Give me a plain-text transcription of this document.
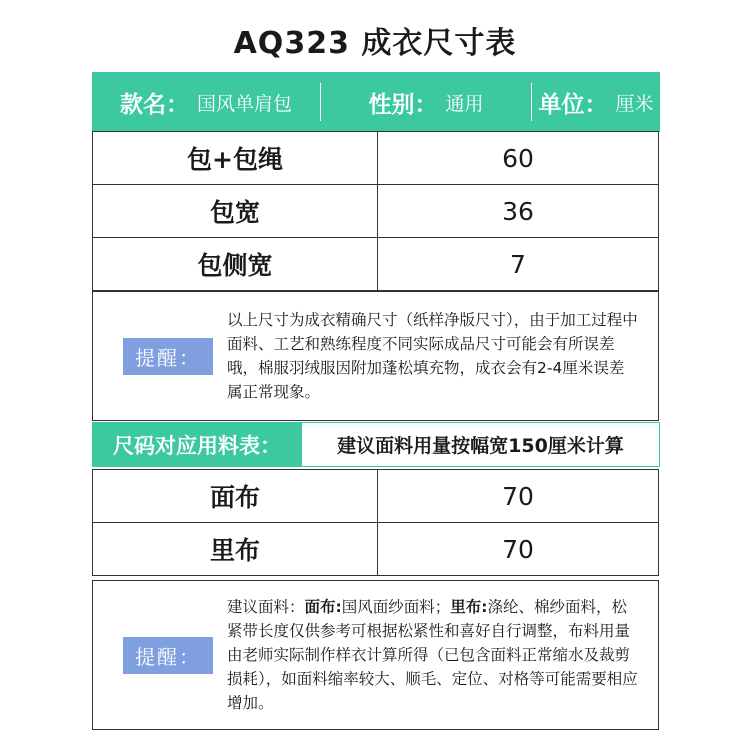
AQ323 成衣尺寸表
款名： 国风单肩包	性别： 通用 单位： 厘米
包+包绳	60
包宽	36
包侧宽	7
提醒：
以上尺寸为成衣精确尺寸（纸样净版尺寸），由于加工过程中面料、工艺和熟练程度不同实际成品尺寸可能会有所误差哦，棉服羽绒服因附加蓬松填充物，成衣会有2-4厘米误差属正常现象。
尺码对应用料表：	建议面料用量按幅宽150厘米计算
面布	70
里布	70
提醒：
建议面料：面布:国风面纱面料；里布:涤纶、棉纱面料，松紧带长度仅供参考可根据松紧性和喜好自行调整，布料用量由老师实际制作样衣计算所得（已包含面料正常缩水及裁剪损耗），如面料缩率较大、顺毛、定位、对格等可能需要相应增加。
